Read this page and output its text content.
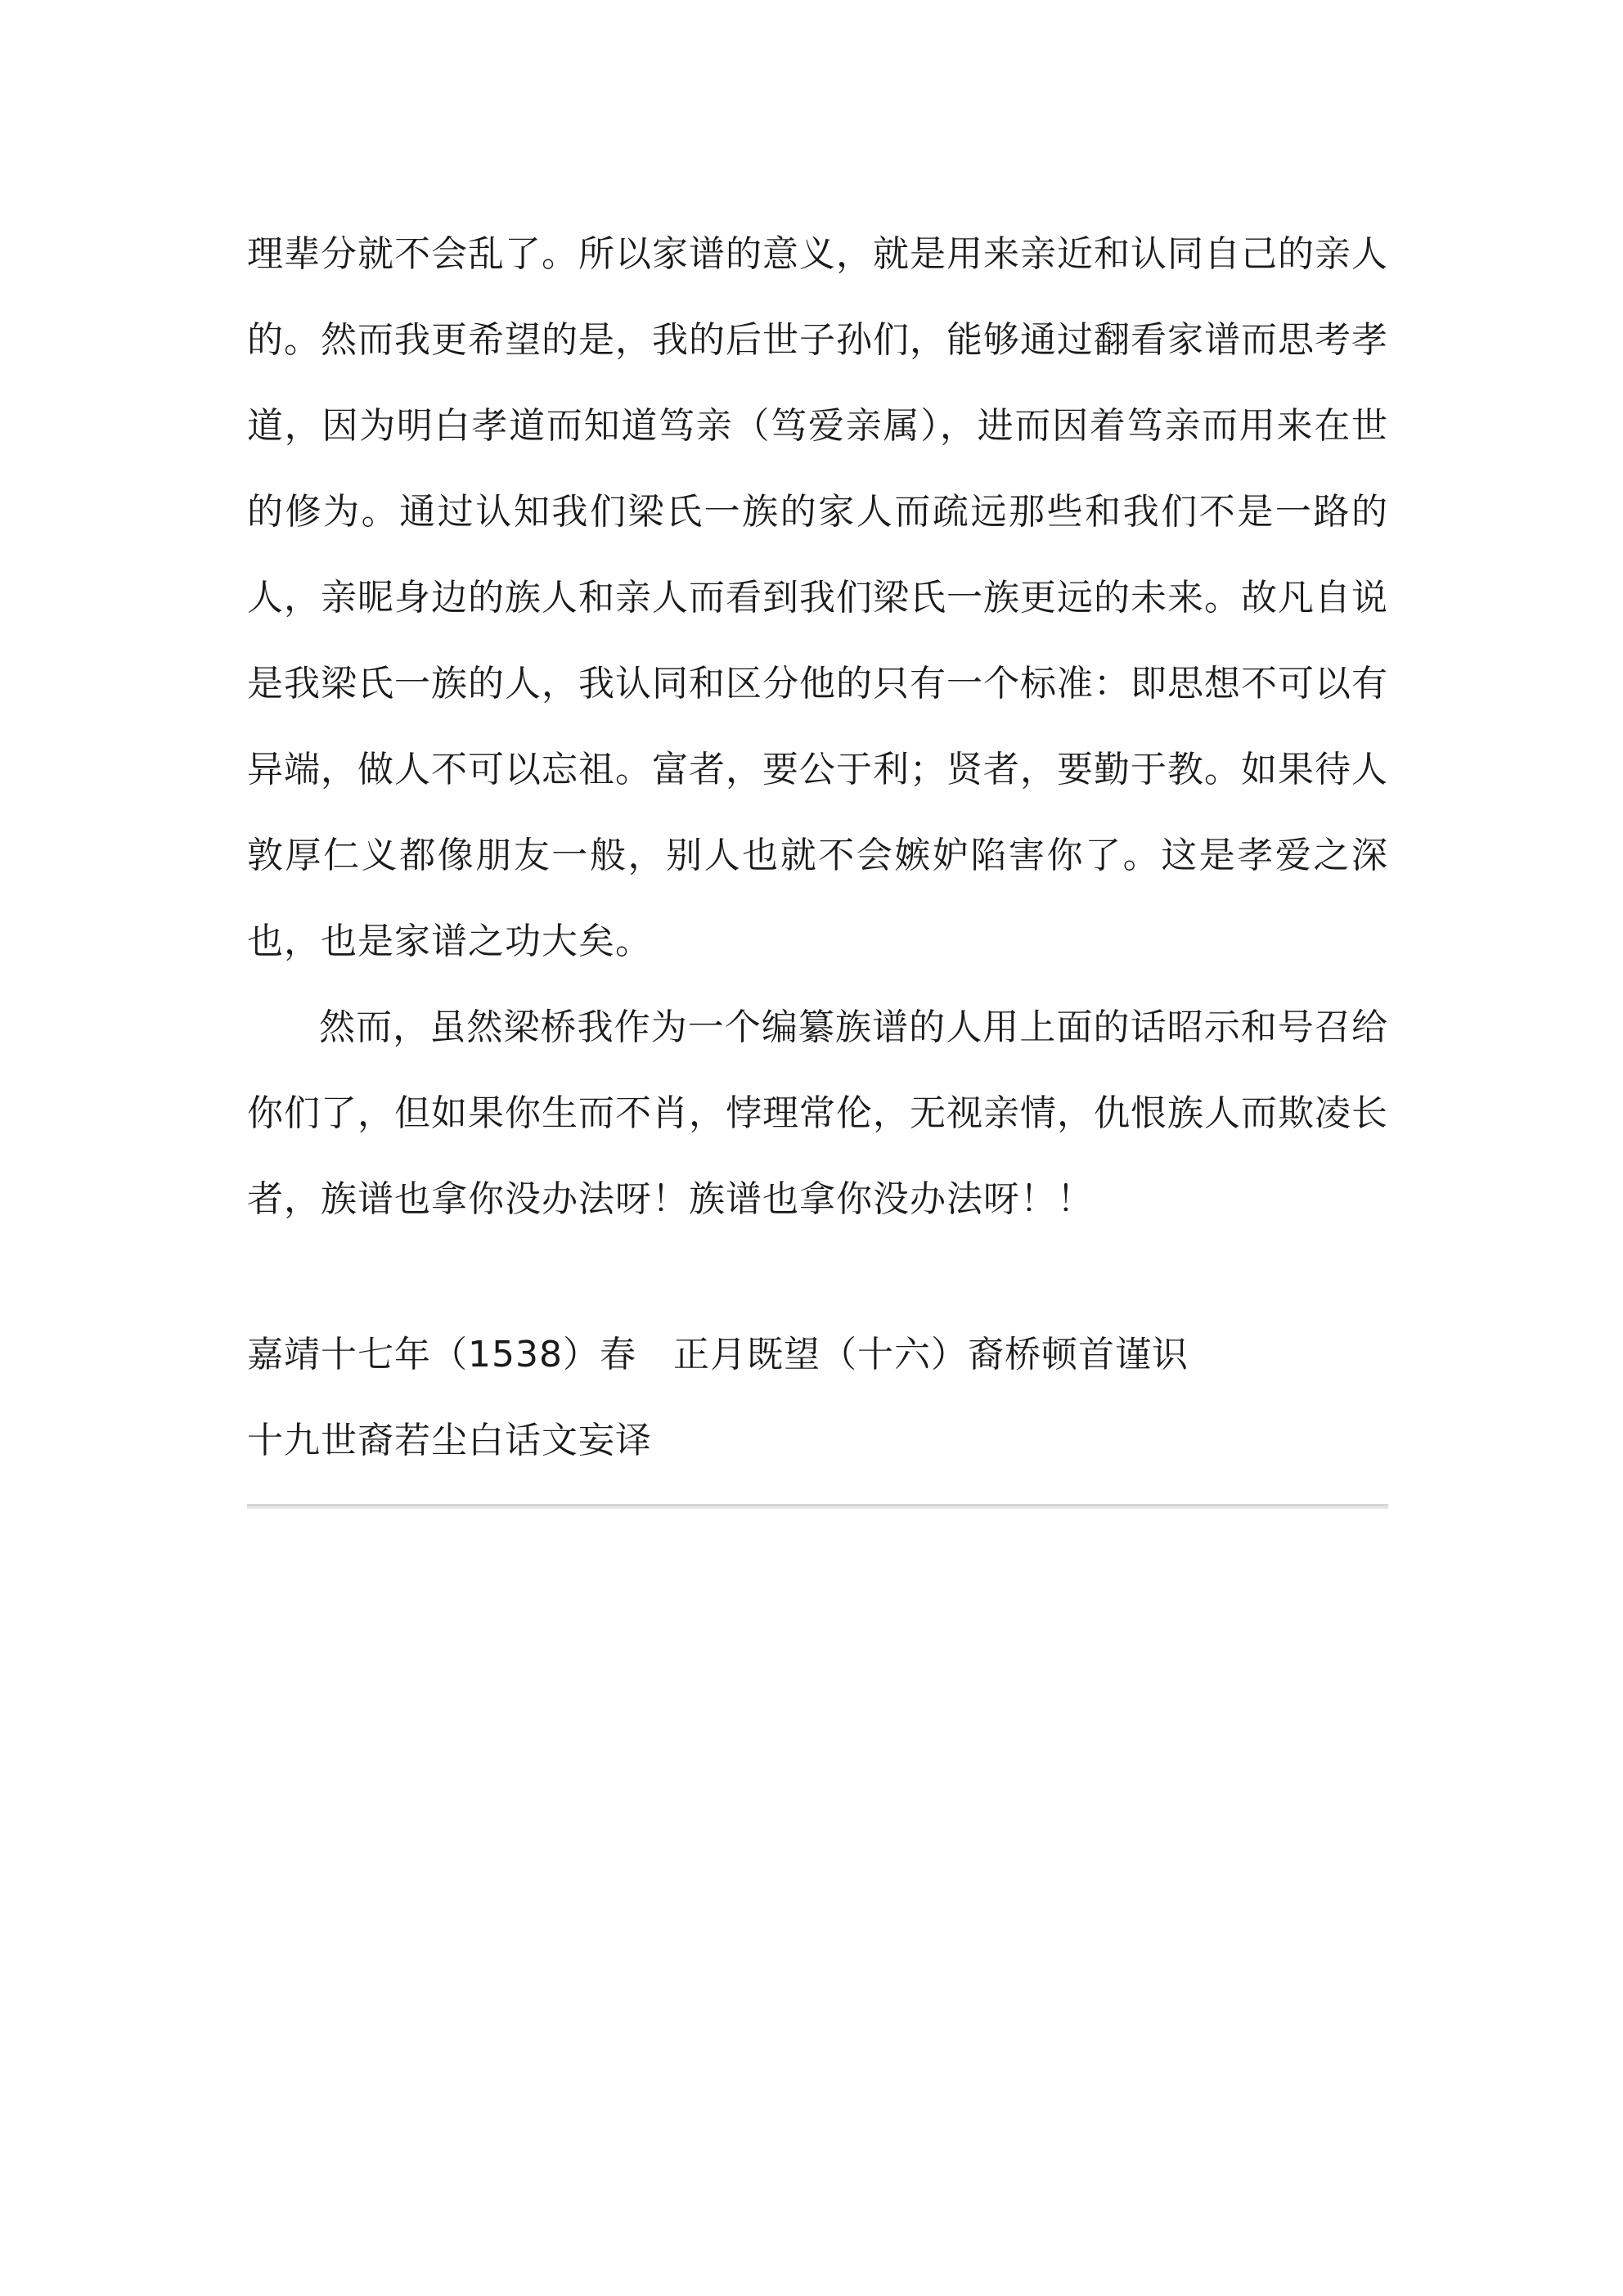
理辈分就不会乱了。所以家谱的意义，就是用来亲近和认同自己的亲人的。然而我更希望的是，我的后世子孙们，能够通过翻看家谱而思考孝道，因为明白孝道而知道笃亲（笃爱亲属），进而因着笃亲而用来在世的修为。通过认知我们梁氏一族的家人而疏远那些和我们不是一路的人，亲昵身边的族人和亲人而看到我们梁氏一族更远的未来。故凡自说是我梁氏一族的人，我认同和区分他的只有一个标准：即思想不可以有异端，做人不可以忘祖。富者，要公于利；贤者，要勤于教。如果待人敦厚仁义都像朋友一般，别人也就不会嫉妒陷害你了。这是孝爱之深也，也是家谱之功大矣。

然而，虽然梁桥我作为一个编纂族谱的人用上面的话昭示和号召给你们了，但如果你生而不肖，悖理常伦，无视亲情，仇恨族人而欺凌长者，族谱也拿你没办法呀！族谱也拿你没办法呀！！

嘉靖十七年（1538）春　正月既望（十六）裔桥顿首谨识

十九世裔若尘白话文妄译
